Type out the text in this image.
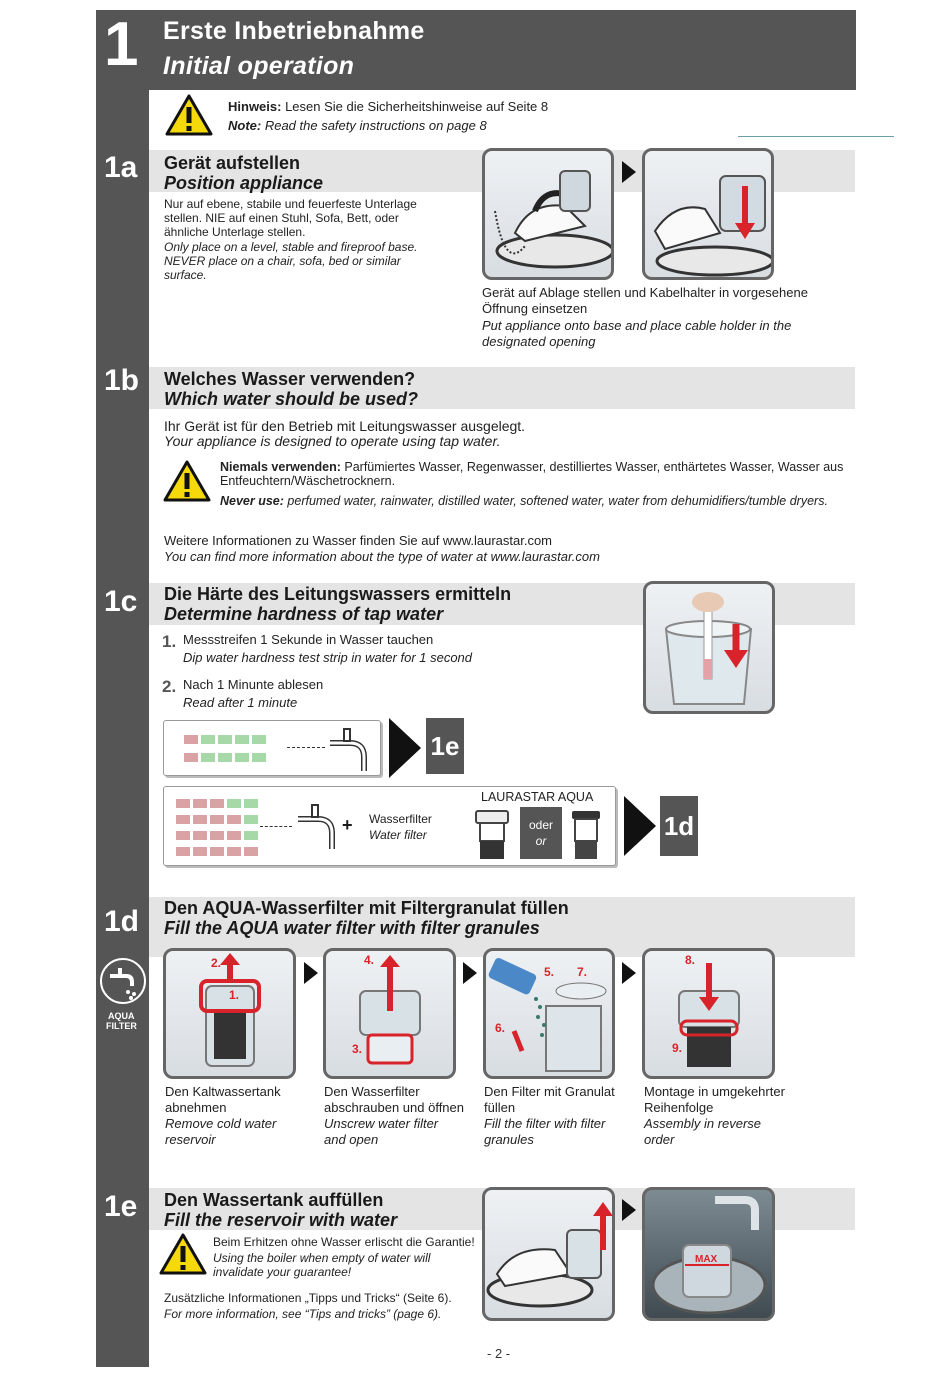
1 Erste Inbetriebnahme
Initial operation
Hinweis: Lesen Sie die Sicherheitshinweise auf Seite 8
Note: Read the safety instructions on page 8
1a Gerät aufstellen
Position appliance
Nur auf ebene, stabile und feuerfeste Unterlage stellen. NIE auf einen Stuhl, Sofa, Bett, oder ähnliche Unterlage stellen.
Only place on a level, stable and fireproof base. NEVER place on a chair, sofa, bed or similar surface.
Gerät auf Ablage stellen und Kabelhalter in vorgesehene Öffnung einsetzen
Put appliance onto base and place cable holder in the designated opening
1b Welches Wasser verwenden?
Which water should be used?
Ihr Gerät ist für den Betrieb mit Leitungswasser ausgelegt.
Your appliance is designed to operate using tap water.
Niemals verwenden: Parfümiertes Wasser, Regenwasser, destilliertes Wasser, enthärtetes Wasser, Wasser aus Entfeuchtern/Wäschetrocknern.
Never use: perfumed water, rainwater, distilled water, softened water, water from dehumidifiers/tumble dryers.
Weitere Informationen zu Wasser finden Sie auf www.laurastar.com
You can find more information about the type of water at www.laurastar.com
1c Die Härte des Leitungswassers ermitteln
Determine hardness of tap water
1. Messstreifen 1 Sekunde in Wasser tauchen
Dip water hardness test strip in water for 1 second
2. Nach 1 Minunte ablesen
Read after 1 minute
1e
+ Wasserfilter
Water filter
LAURASTAR AQUA
oder
or
1d
1d Den AQUA-Wasserfilter mit Filtergranulat füllen
Fill the AQUA water filter with filter granules
AQUA
FILTER
2.
1.
4.
3.
5. 7.
6.
8.
9.
Den Kaltwassertank abnehmen
Remove cold water reservoir
Den Wasserfilter abschrauben und öffnen
Unscrew water filter and open
Den Filter mit Granulat füllen
Fill the filter with filter granules
Montage in umgekehrter Reihenfolge
Assembly in reverse order
1e Den Wassertank auffüllen
Fill the reservoir with water
Beim Erhitzen ohne Wasser erlischt die Garantie!
Using the boiler when empty of water will invalidate your guarantee!
Zusätzliche Informationen „Tipps und Tricks“ (Seite 6).
For more information, see “Tips and tricks” (page 6).
MAX
- 2 -
